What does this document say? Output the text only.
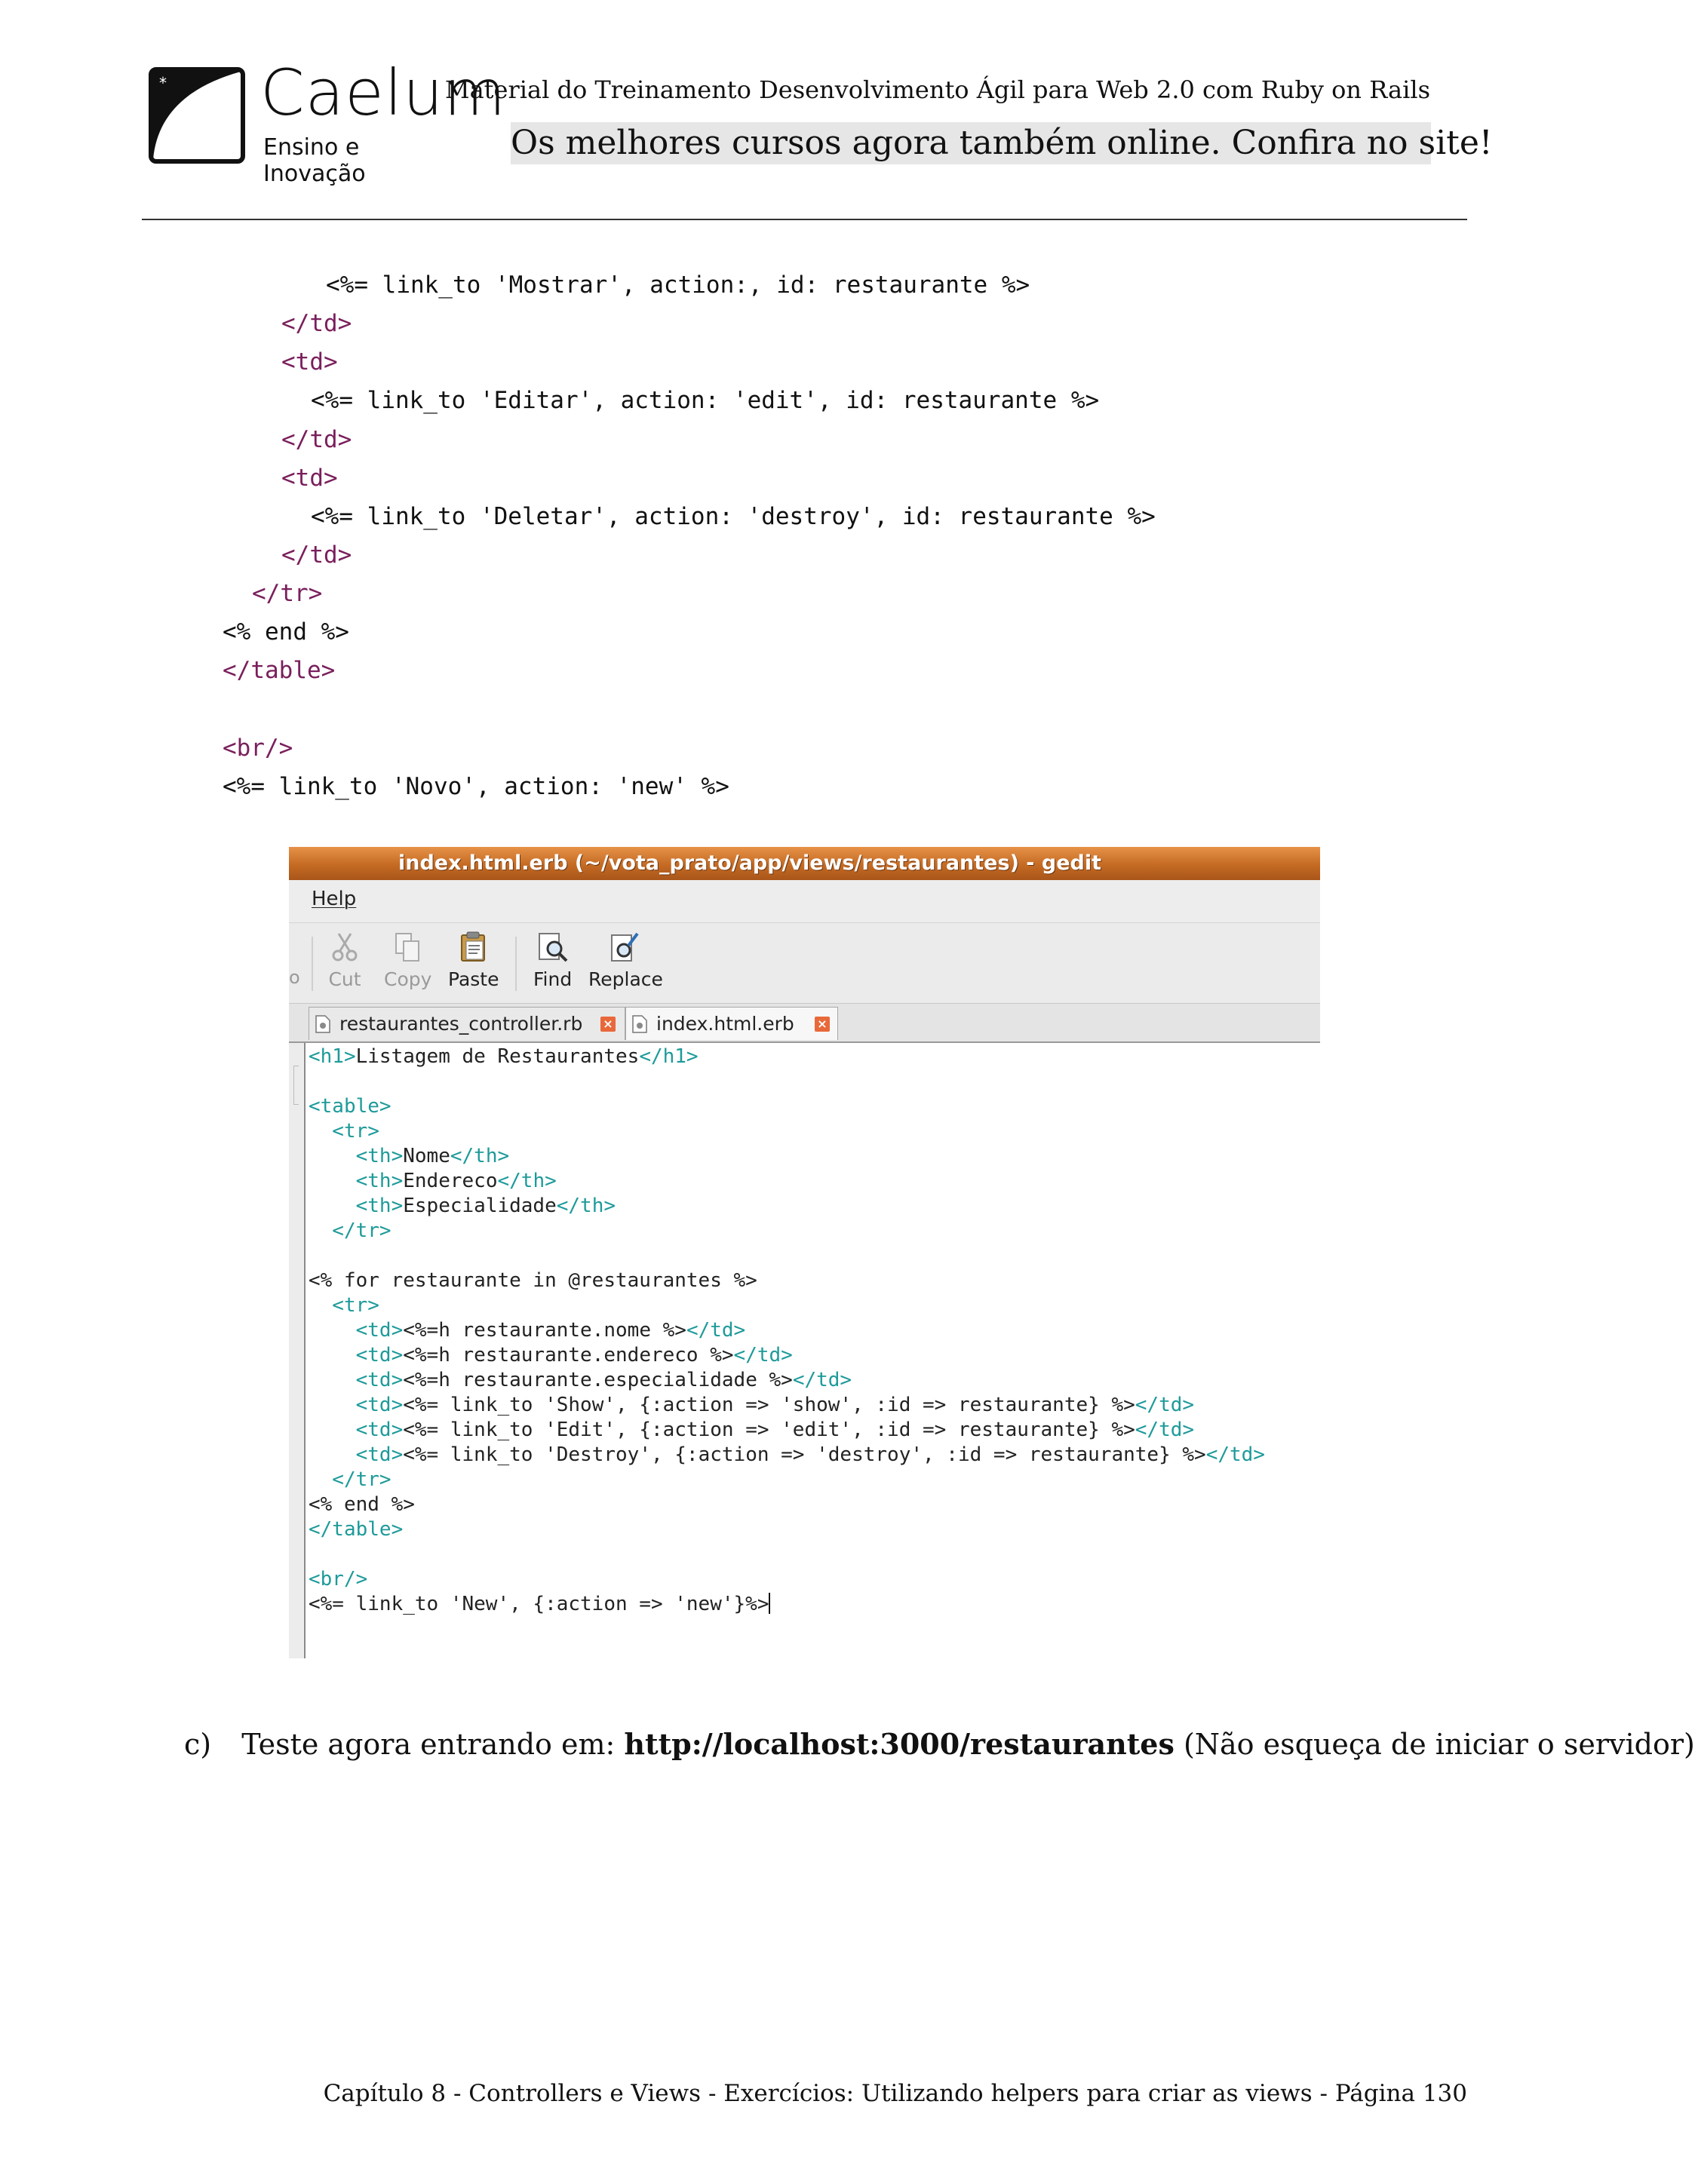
* Caelum
Ensino e Inovação
Material do Treinamento Desenvolvimento Ágil para Web 2.0 com Ruby on Rails
Os melhores cursos agora também online. Confira no site!
<%= link_to 'Mostrar', action:, id: restaurante %>
</td>
<td>
<%= link_to 'Editar', action: 'edit', id: restaurante %>
</td>
<td>
<%= link_to 'Deletar', action: 'destroy', id: restaurante %>
</td>
</tr>
<% end %>
</table>
<br/>
<%= link_to 'Novo', action: 'new' %>
index.html.erb (~/vota_prato/app/views/restaurantes) - gedit
Help
o Cut Copy Paste Find Replace
restaurantes_controller.rb × index.html.erb ×
<h1>Listagem de Restaurantes</h1>
<table>
<tr>
<th>Nome</th>
<th>Endereco</th>
<th>Especialidade</th>
</tr>
<% for restaurante in @restaurantes %>
<tr>
<td><%=h restaurante.nome %></td>
<td><%=h restaurante.endereco %></td>
<td><%=h restaurante.especialidade %></td>
<td><%= link_to 'Show', {:action => 'show', :id => restaurante} %></td>
<td><%= link_to 'Edit', {:action => 'edit', :id => restaurante} %></td>
<td><%= link_to 'Destroy', {:action => 'destroy', :id => restaurante} %></td>
</tr>
<% end %>
</table>
<br/>
<%= link_to 'New', {:action => 'new'}%>
c) Teste agora entrando em: http://localhost:3000/restaurantes (Não esqueça de iniciar o servidor)
Capítulo 8 - Controllers e Views - Exercícios: Utilizando helpers para criar as views - Página 130
